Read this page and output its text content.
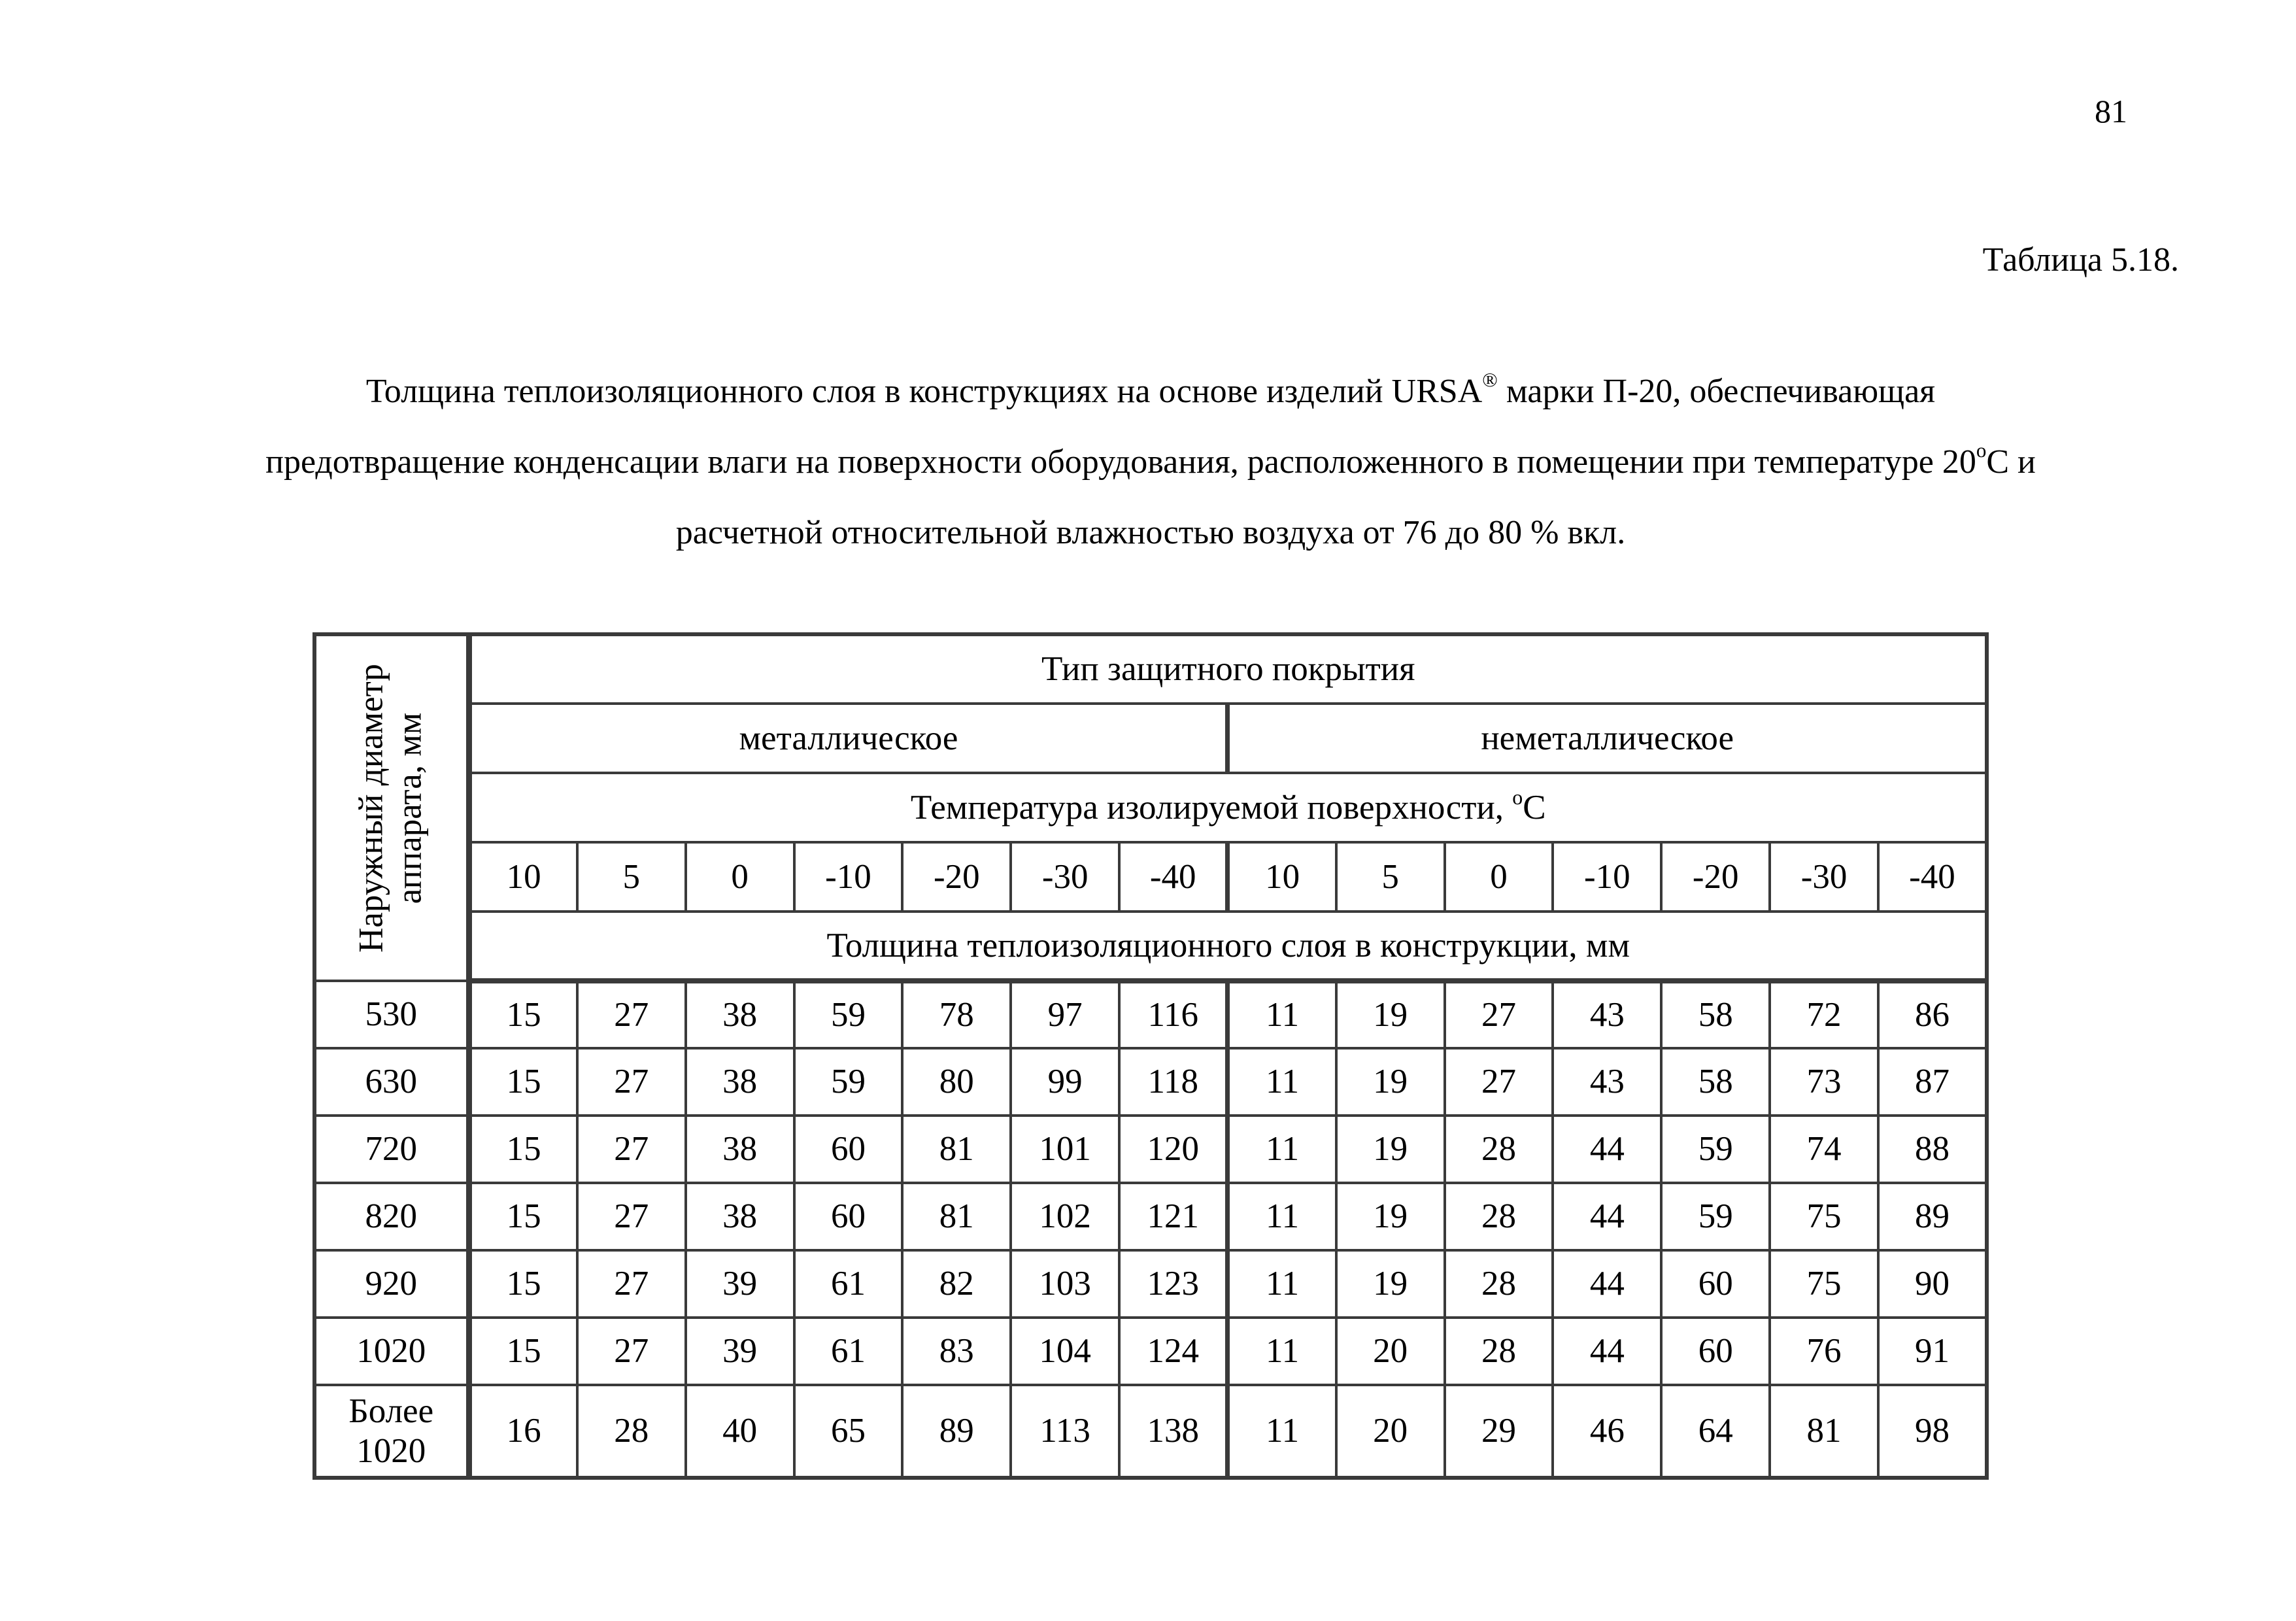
81
Таблица 5.18.
Толщина теплоизоляционного слоя в конструкциях на основе изделий URSA® марки П-20, обеспечивающая
предотвращение конденсации влаги на поверхности оборудования, расположенного в помещении при температуре $20^оС$ и
расчетной относительной влажностью воздуха от 76 до 80 % вкл.
Наружный диаметр аппарата, мм	Тип защитного покрытия													
	металлическое							неметаллическое						
	Температура изолируемой поверхности, $^о$С													
	10	5	0	-10	-20	-30	-40	10	5	0	-10	-20	-30	-40
	Толщина теплоизоляционного слоя в конструкции, мм													
530	15	27	38	59	78	97	116	11	19	27	43	58	72	86
630	15	27	38	59	80	99	118	11	19	27	43	58	73	87
720	15	27	38	60	81	101	120	11	19	28	44	59	74	88
820	15	27	38	60	81	102	121	11	19	28	44	59	75	89
920	15	27	39	61	82	103	123	11	19	28	44	60	75	90
1020	15	27	39	61	83	104	124	11	20	28	44	60	76	91
Более
1020	16	28	40	65	89	113	138	11	20	29	46	64	81	98
